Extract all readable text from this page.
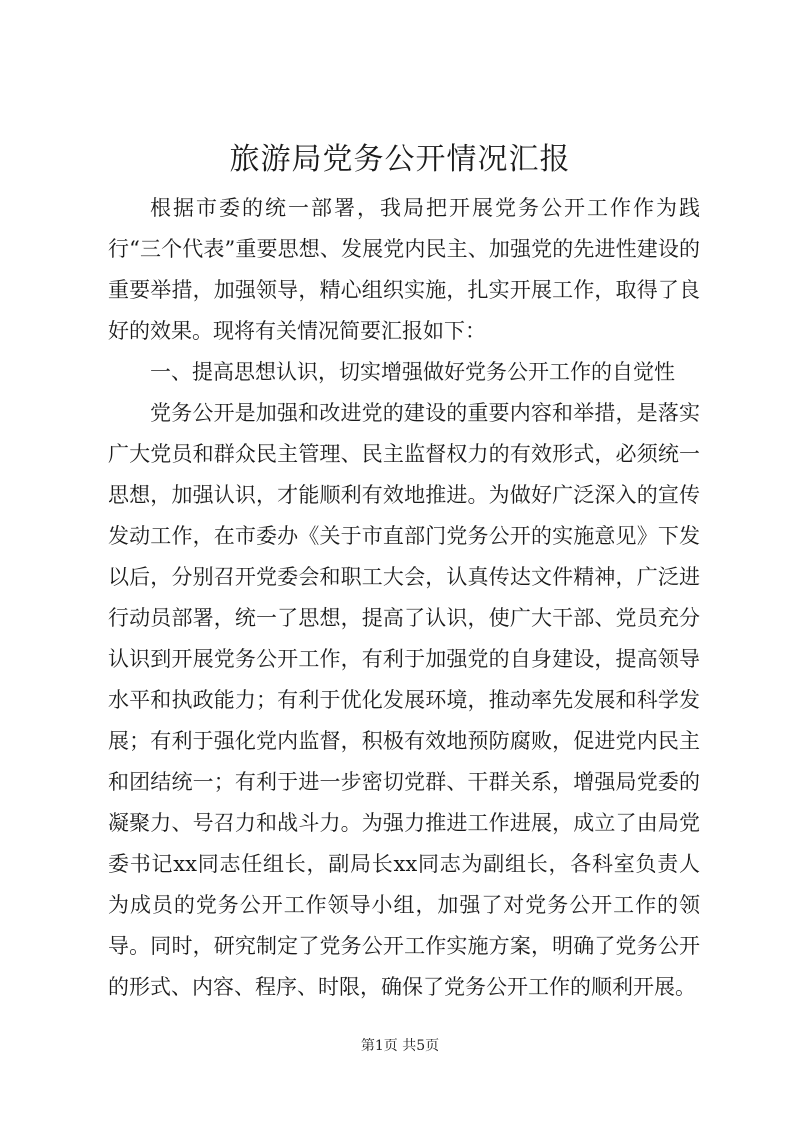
旅游局党务公开情况汇报

根据市委的统一部署，我局把开展党务公开工作作为践行“三个代表”重要思想、发展党内民主、加强党的先进性建设的重要举措，加强领导，精心组织实施，扎实开展工作，取得了良好的效果。现将有关情况简要汇报如下：

一、提高思想认识，切实增强做好党务公开工作的自觉性

党务公开是加强和改进党的建设的重要内容和举措，是落实广大党员和群众民主管理、民主监督权力的有效形式，必须统一思想，加强认识，才能顺利有效地推进。为做好广泛深入的宣传发动工作，在市委办《关于市直部门党务公开的实施意见》下发以后，分别召开党委会和职工大会，认真传达文件精神，广泛进行动员部署，统一了思想，提高了认识，使广大干部、党员充分认识到开展党务公开工作，有利于加强党的自身建设，提高领导水平和执政能力；有利于优化发展环境，推动率先发展和科学发展；有利于强化党内监督，积极有效地预防腐败，促进党内民主和团结统一；有利于进一步密切党群、干群关系，增强局党委的凝聚力、号召力和战斗力。为强力推进工作进展，成立了由局党委书记xx同志任组长，副局长xx同志为副组长，各科室负责人为成员的党务公开工作领导小组，加强了对党务公开工作的领导。同时，研究制定了党务公开工作实施方案，明确了党务公开的形式、内容、程序、时限，确保了党务公开工作的顺利开展。

第1页 共5页
